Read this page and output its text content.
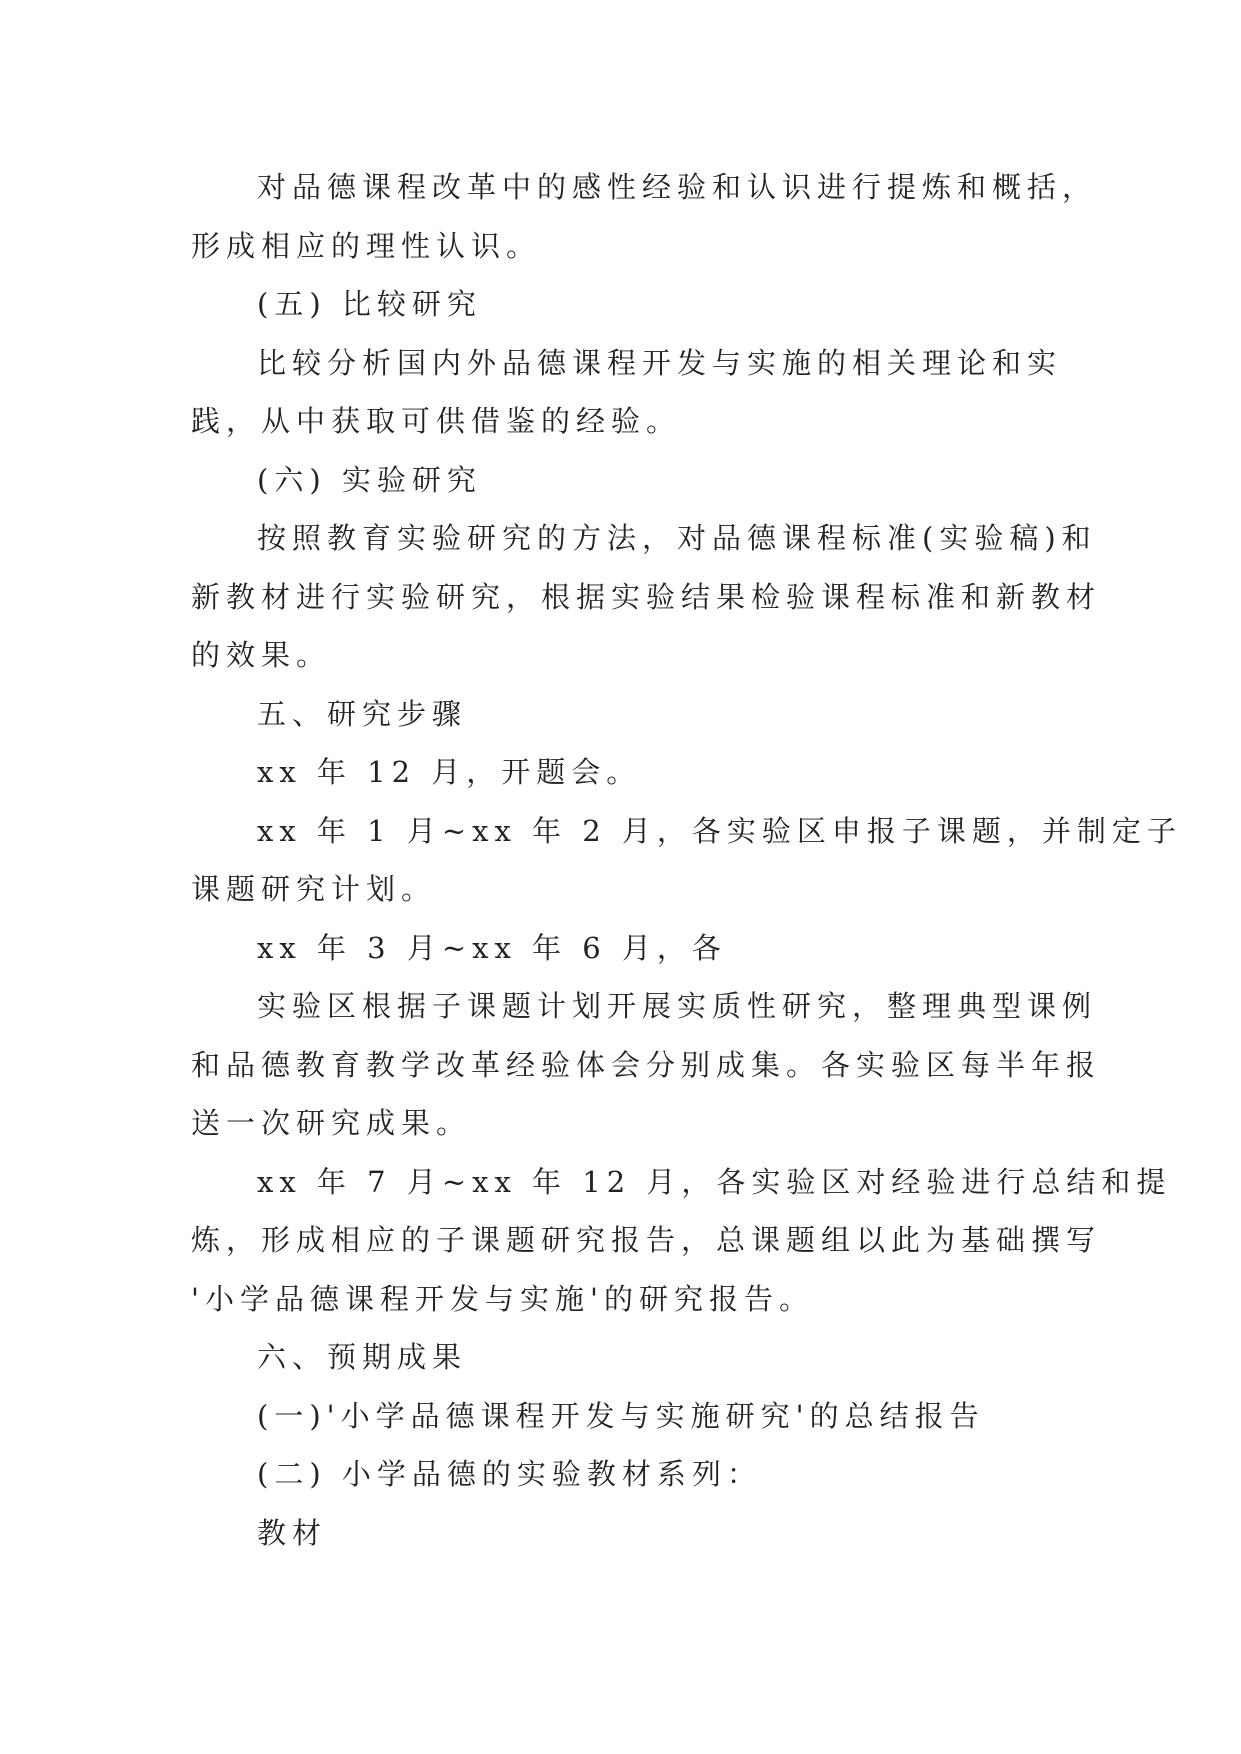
对品德课程改革中的感性经验和认识进行提炼和概括，
形成相应的理性认识。
(五) 比较研究
比较分析国内外品德课程开发与实施的相关理论和实
践，从中获取可供借鉴的经验。
(六) 实验研究
按照教育实验研究的方法，对品德课程标准(实验稿)和
新教材进行实验研究，根据实验结果检验课程标准和新教材
的效果。
五、研究步骤
xx 年 12 月，开题会。
xx 年 1 月~xx 年 2 月，各实验区申报子课题，并制定子
课题研究计划。
xx 年 3 月~xx 年 6 月，各
实验区根据子课题计划开展实质性研究，整理典型课例
和品德教育教学改革经验体会分别成集。各实验区每半年报
送一次研究成果。
xx 年 7 月~xx 年 12 月，各实验区对经验进行总结和提
炼，形成相应的子课题研究报告，总课题组以此为基础撰写
'小学品德课程开发与实施'的研究报告。
六、预期成果
(一)'小学品德课程开发与实施研究'的总结报告
(二) 小学品德的实验教材系列：
教材
